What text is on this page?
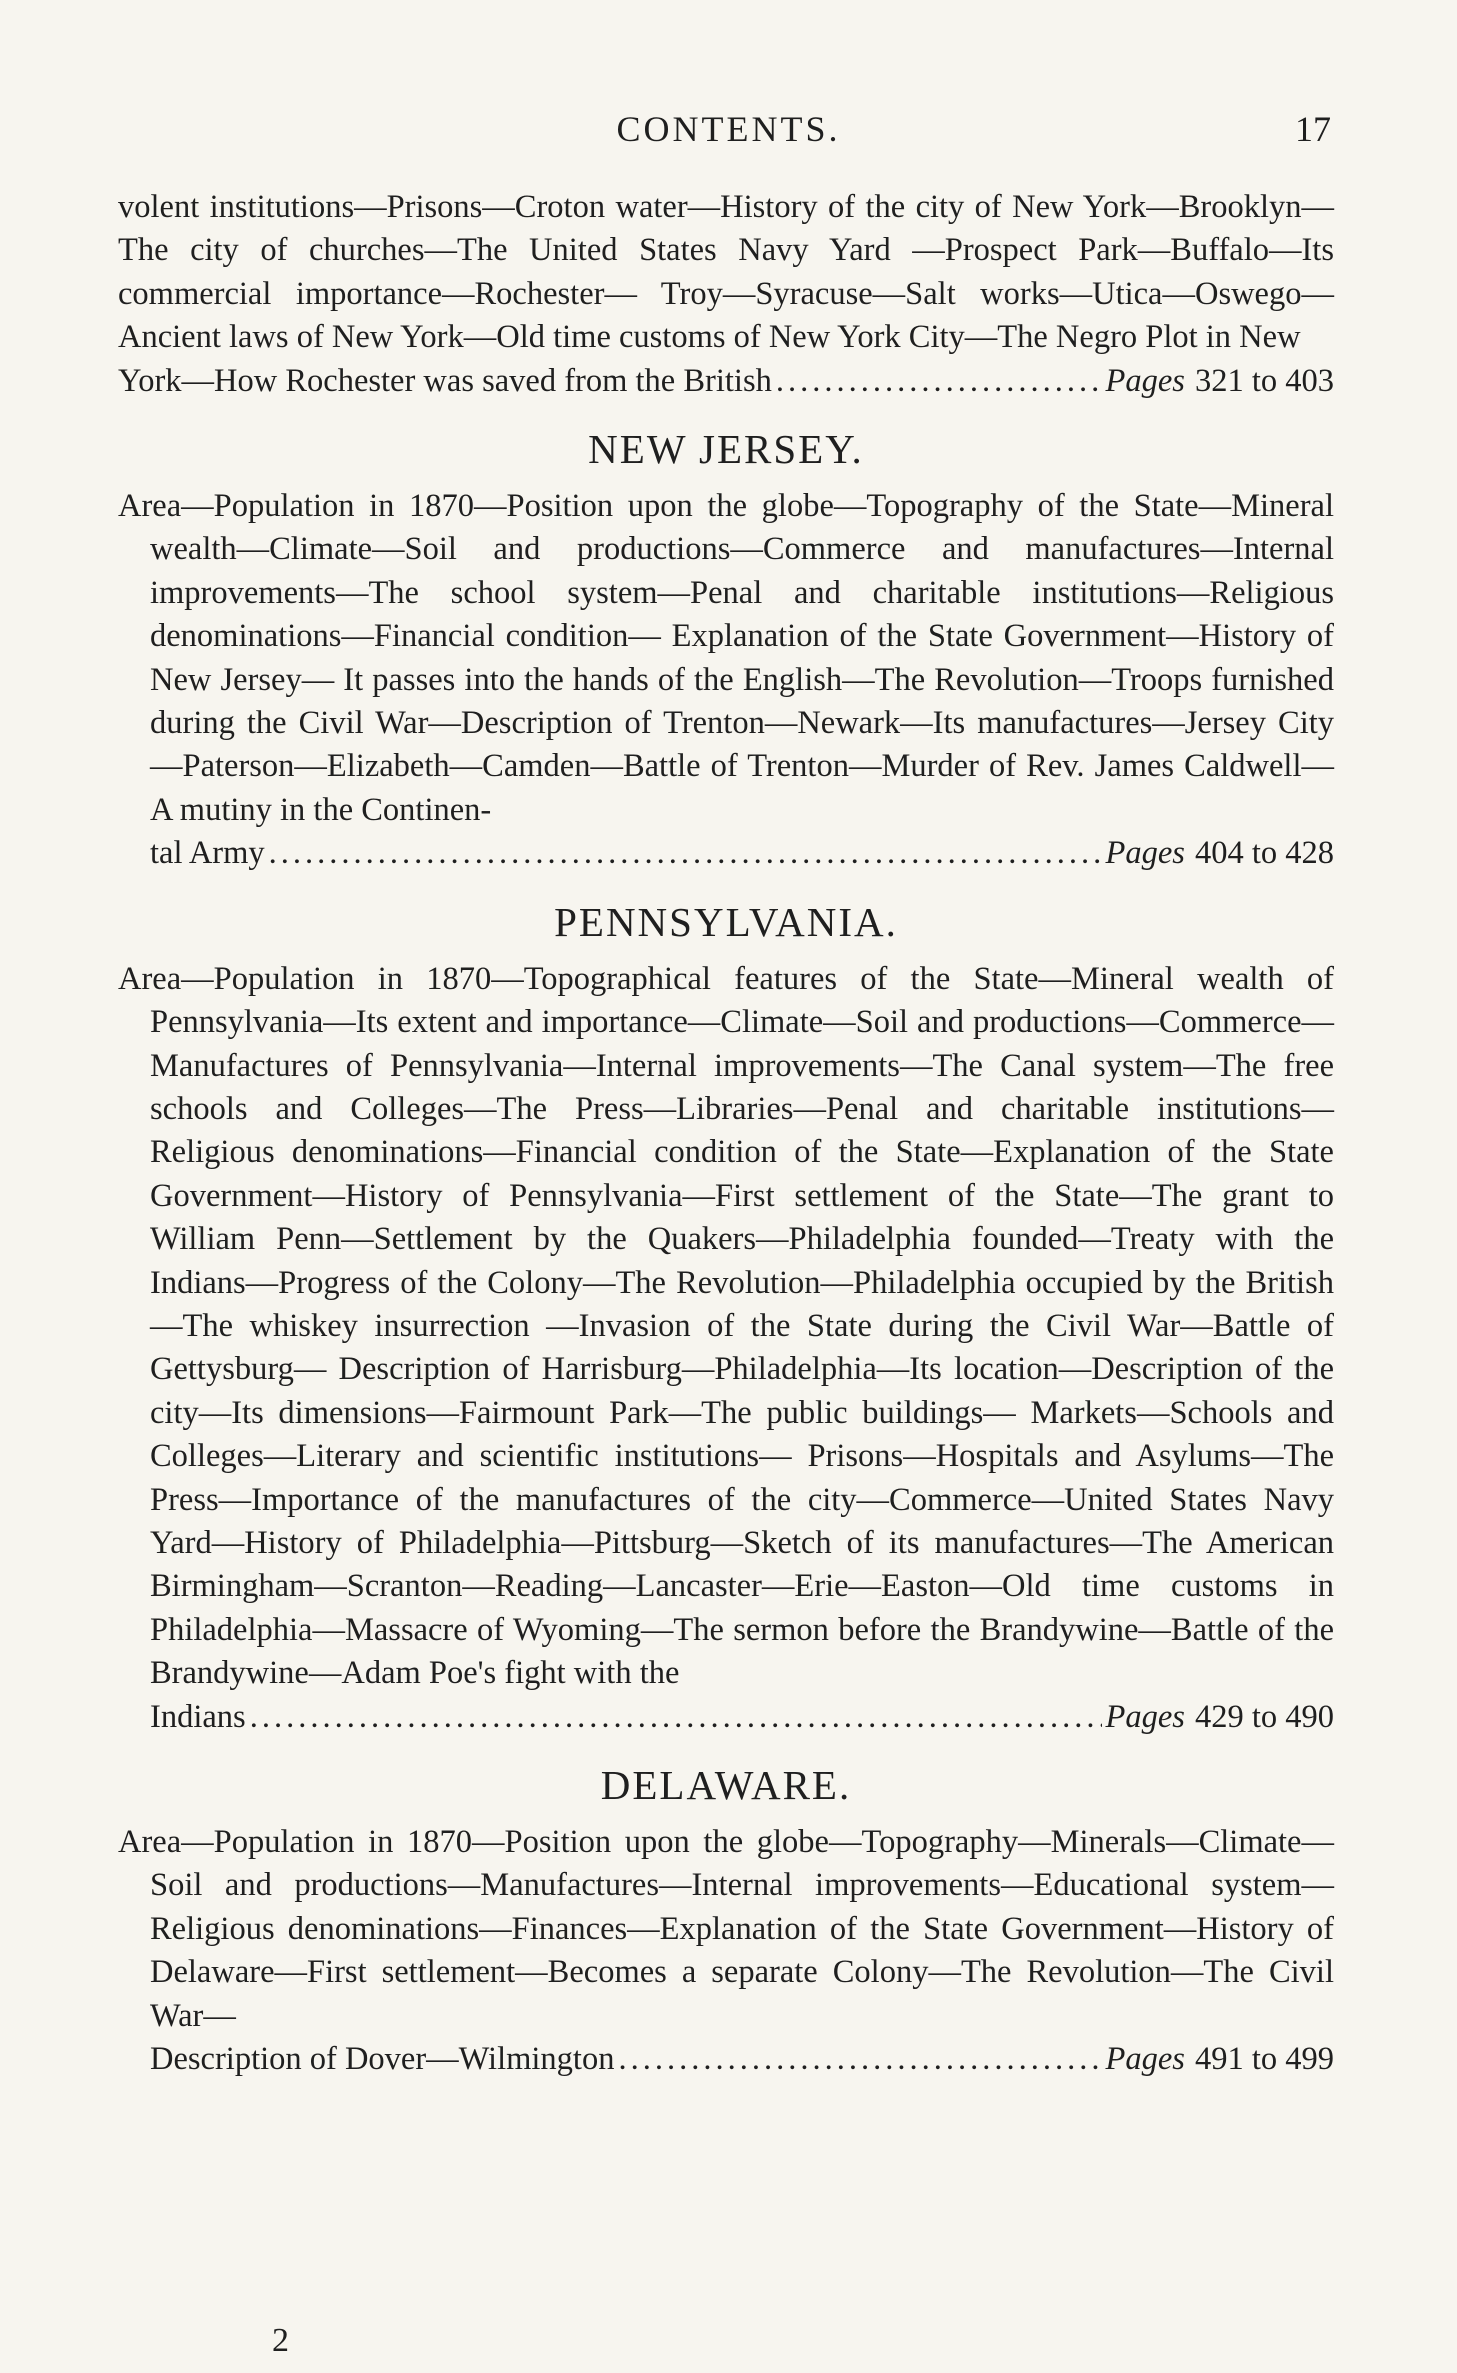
CONTENTS.	17
volent institutions—Prisons—Croton water—History of the city of New York—Brooklyn—The city of churches—The United States Navy Yard —Prospect Park—Buffalo—Its commercial importance—Rochester— Troy—Syracuse—Salt works—Utica—Oswego—Ancient laws of New York—Old time customs of New York City—The Negro Plot in New
York—How Rochester was saved from the British .....	Pages 321 to 403
NEW JERSEY.
Area—Population in 1870—Position upon the globe—Topography of the State—Mineral wealth—Climate—Soil and productions—Commerce and manufactures—Internal improvements—The school system—Penal and charitable institutions—Religious denominations—Financial condition— Explanation of the State Government—History of New Jersey— It passes into the hands of the English—The Revolution—Troops furnished during the Civil War—Description of Trenton—Newark—Its manufactures—Jersey City—Paterson—Elizabeth—Camden—Battle of Trenton—Murder of Rev. James Caldwell—A mutiny in the Continen-
tal Army .....	Pages 404 to 428
PENNSYLVANIA.
Area—Population in 1870—Topographical features of the State—Mineral wealth of Pennsylvania—Its extent and importance—Climate—Soil and productions—Commerce—Manufactures of Pennsylvania—Internal improvements—The Canal system—The free schools and Colleges—The Press—Libraries—Penal and charitable institutions—Religious denominations—Financial condition of the State—Explanation of the State Government—History of Pennsylvania—First settlement of the State—The grant to William Penn—Settlement by the Quakers—Philadelphia founded—Treaty with the Indians—Progress of the Colony—The Revolution—Philadelphia occupied by the British—The whiskey insurrection —Invasion of the State during the Civil War—Battle of Gettysburg— Description of Harrisburg—Philadelphia—Its location—Description of the city—Its dimensions—Fairmount Park—The public buildings— Markets—Schools and Colleges—Literary and scientific institutions— Prisons—Hospitals and Asylums—The Press—Importance of the manufactures of the city—Commerce—United States Navy Yard—History of Philadelphia—Pittsburg—Sketch of its manufactures—The American Birmingham—Scranton—Reading—Lancaster—Erie—Easton—Old time customs in Philadelphia—Massacre of Wyoming—The sermon before the Brandywine—Battle of the Brandywine—Adam Poe's fight with the
Indians .....	Pages 429 to 490
DELAWARE.
Area—Population in 1870—Position upon the globe—Topography—Minerals—Climate—Soil and productions—Manufactures—Internal improvements—Educational system—Religious denominations—Finances—Explanation of the State Government—History of Delaware—First settlement—Becomes a separate Colony—The Revolution—The Civil War—
Description of Dover—Wilmington .....	Pages 491 to 499
2
